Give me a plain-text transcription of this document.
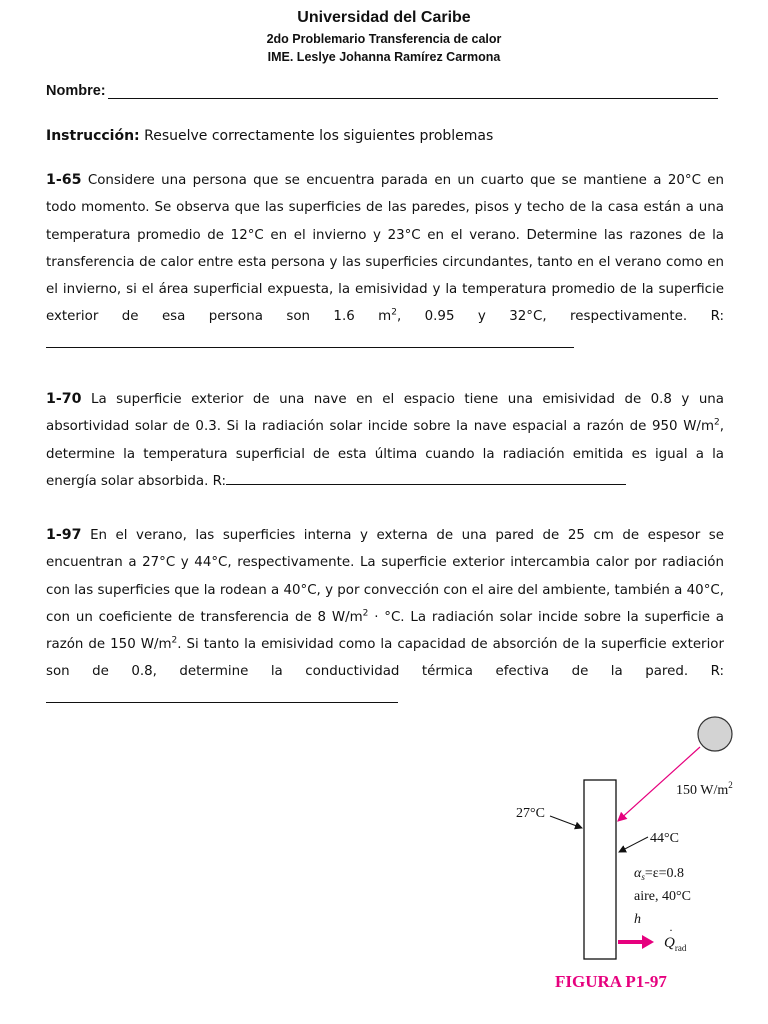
Universidad del Caribe
2do Problemario Transferencia de calor
IME. Leslye Johanna Ramírez Carmona
Nombre:
Instrucción: Resuelve correctamente los siguientes problemas
1-65 Considere una persona que se encuentra parada en un cuarto que se mantiene a 20°C en todo momento. Se observa que las superficies de las paredes, pisos y techo de la casa están a una temperatura promedio de 12°C en el invierno y 23°C en el verano. Determine las razones de la transferencia de calor entre esta persona y las superficies circundantes, tanto en el verano como en el invierno, si el área superficial expuesta, la emisividad y la temperatura promedio de la superficie exterior de esa persona son 1.6 $m^2$, 0.95 y 32°C, respectivamente. R:
1-70 La superficie exterior de una nave en el espacio tiene una emisividad de 0.8 y una absortividad solar de 0.3. Si la radiación solar incide sobre la nave espacial a razón de 950 $W/m^2$, determine la temperatura superficial de esta última cuando la radiación emitida es igual a la energía solar absorbida. R:
1-97 En el verano, las superficies interna y externa de una pared de 25 cm de espesor se encuentran a 27°C y 44°C, respectivamente. La superficie exterior intercambia calor por radiación con las superficies que la rodean a 40°C, y por convección con el aire del ambiente, también a 40°C, con un coeficiente de transferencia de 8 $W/m^2 \cdot ^\circ C$. La radiación solar incide sobre la superficie a razón de 150 $W/m^2$. Si tanto la emisividad como la capacidad de absorción de la superficie exterior son de 0.8, determine la conductividad térmica efectiva de la pared. R:
150 $W/m^2$
27°C
44°C
$\alpha_s=\varepsilon=0.8$
aire, 40°C
h
$Q_{rad}$
·
FIGURA P1-97
